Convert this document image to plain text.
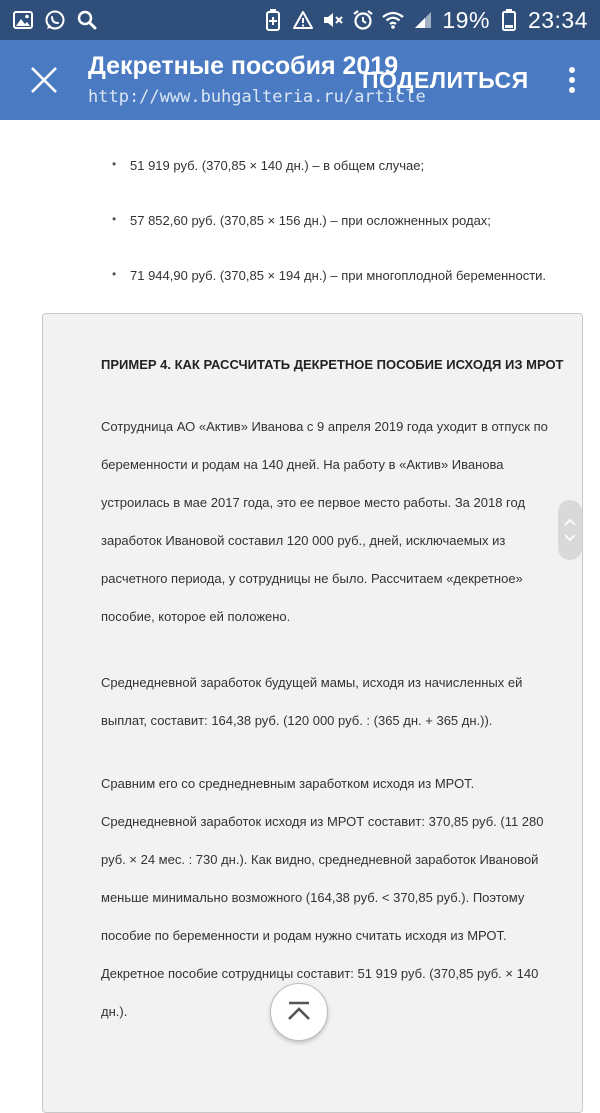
19% 23:34
Декретные пособия 2019
http://www.buhgalteria.ru/article
ПОДЕЛИТЬСЯ
• 51 919 руб. (370,85 × 140 дн.) – в общем случае;
• 57 852,60 руб. (370,85 × 156 дн.) – при осложненных родах;
• 71 944,90 руб. (370,85 × 194 дн.) – при многоплодной беременности.
ПРИМЕР 4. КАК РАССЧИТАТЬ ДЕКРЕТНОЕ ПОСОБИЕ ИСХОДЯ ИЗ МРОТ
Сотрудница АО «Актив» Иванова с 9 апреля 2019 года уходит в отпуск по
беременности и родам на 140 дней. На работу в «Актив» Иванова
устроилась в мае 2017 года, это ее первое место работы. За 2018 год
заработок Ивановой составил 120 000 руб., дней, исключаемых из
расчетного периода, у сотрудницы не было. Рассчитаем «декретное»
пособие, которое ей положено.
Среднедневной заработок будущей мамы, исходя из начисленных ей
выплат, составит: 164,38 руб. (120 000 руб. : (365 дн. + 365 дн.)).
Сравним его со среднедневным заработком исходя из МРОТ.
Среднедневной заработок исходя из МРОТ составит: 370,85 руб. (11 280
руб. × 24 мес. : 730 дн.). Как видно, среднедневной заработок Ивановой
меньше минимально возможного (164,38 руб. < 370,85 руб.). Поэтому
пособие по беременности и родам нужно считать исходя из МРОТ.
Декретное пособие сотрудницы составит: 51 919 руб. (370,85 руб. × 140
дн.).
